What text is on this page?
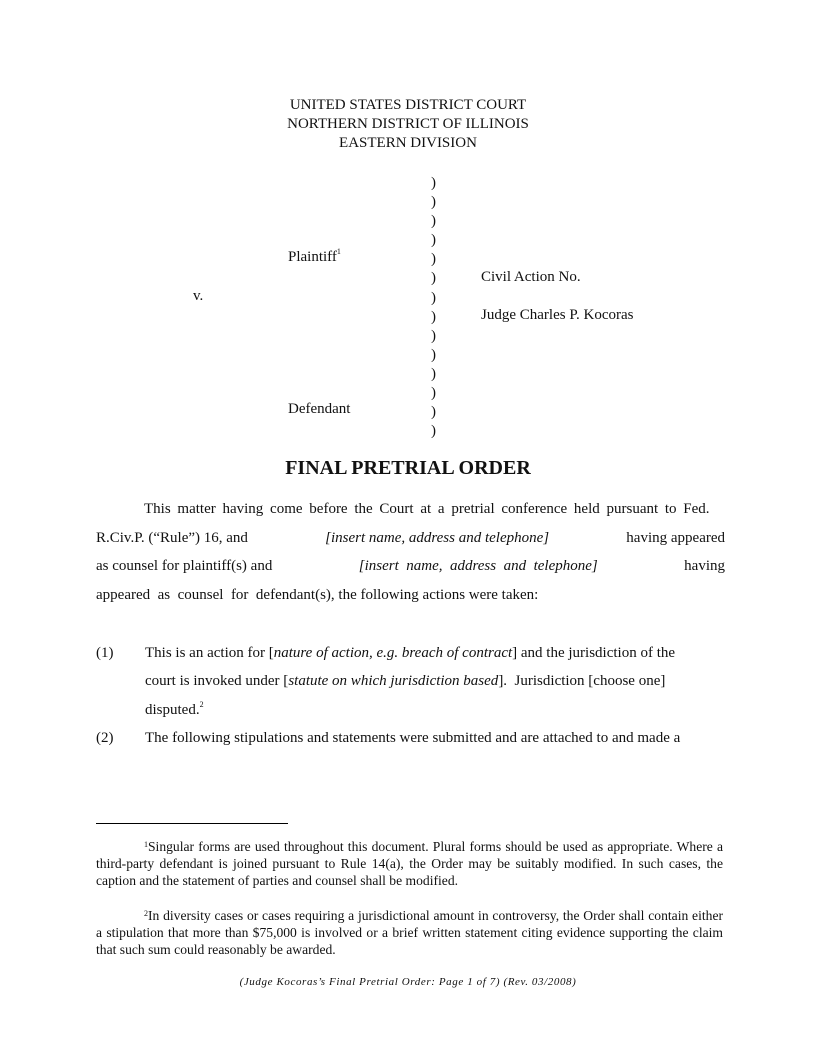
UNITED STATES DISTRICT COURT
NORTHERN DISTRICT OF ILLINOIS
EASTERN DIVISION
)
)
)
)
)
)
)
)
)
)
)
)
)
)
Plaintiff$^1$
v.
Defendant
Civil Action No.
Judge Charles P. Kocoras
FINAL PRETRIAL ORDER
This matter having come before the Court at a pretrial conference held pursuant to Fed.
R.Civ.P. (“Rule”) 16, and	[insert name, address and telephone]	having appeared
as counsel for plaintiff(s) and	[insert  name,  address  and  telephone]	having
appeared  as  counsel  for  defendant(s), the following actions were taken:
(1) This is an action for [nature of action, e.g. breach of contract] and the jurisdiction of the
court is invoked under [statute on which jurisdiction based].  Jurisdiction [choose one]
disputed.$^2$
(2) The following stipulations and statements were submitted and are attached to and made a
$^1$Singular forms are used throughout this document. Plural forms should be used as appropriate. Where a third-party defendant is joined pursuant to Rule 14(a), the Order may be suitably modified. In such cases, the caption and the statement of parties and counsel shall be modified.
$^2$In diversity cases or cases requiring a jurisdictional amount in controversy, the Order shall contain either a stipulation that more than $75,000 is involved or a brief written statement citing evidence supporting the claim that such sum could reasonably be awarded.
(Judge Kocoras’s Final Pretrial Order: Page 1 of 7) (Rev. 03/2008)
